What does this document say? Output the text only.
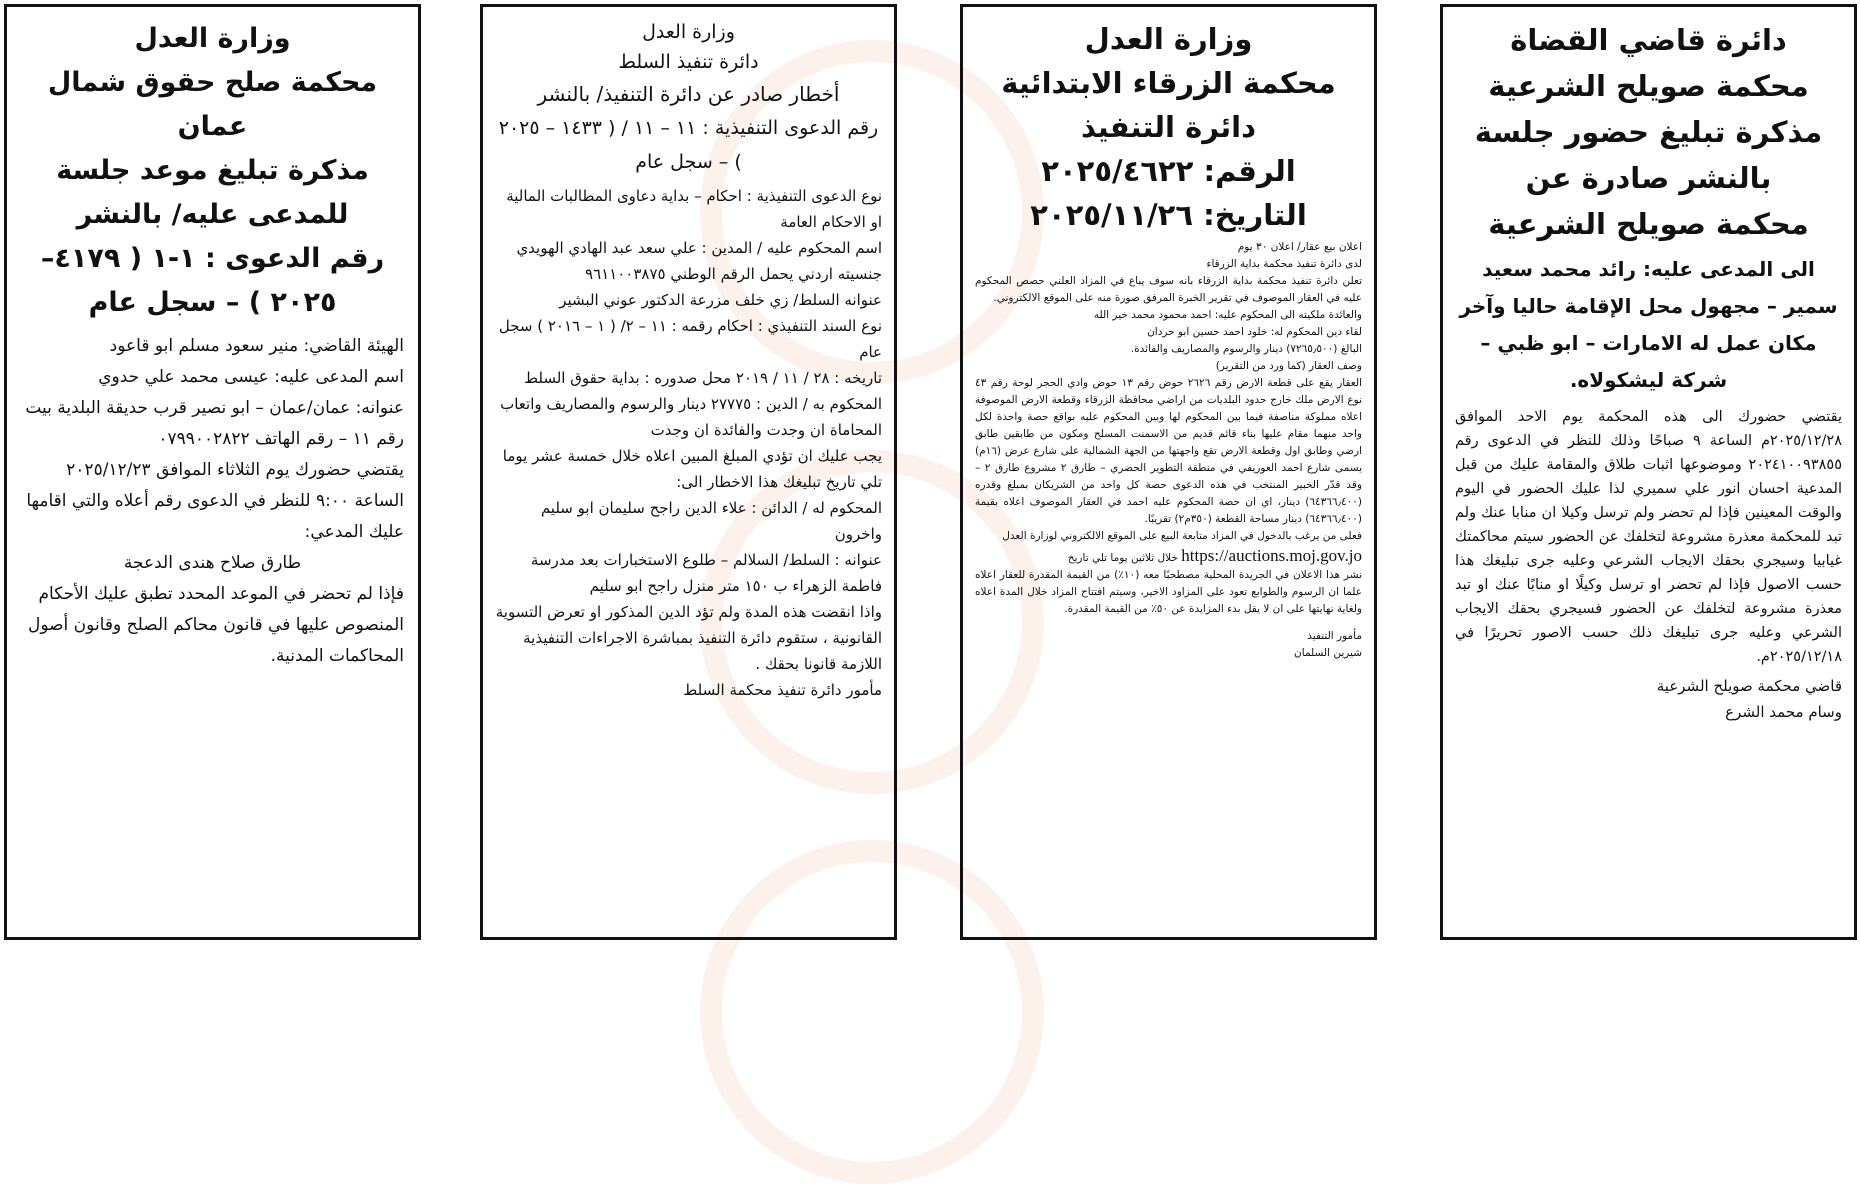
دائرة قاضي القضاة

محكمة صويلح الشرعية

مذكرة تبليغ حضور جلسة

بالنشر صادرة عن

محكمة صويلح الشرعية

الى المدعى عليه: رائد محمد سعيد سمير – مجهول محل الإقامة حاليا وآخر مكان عمل له الامارات – ابو ظبي – شركة ليشكولاه.

يقتضي حضورك الى هذه المحكمة يوم الاحد الموافق ٢٠٢٥/١٢/٢٨م الساعة ٩ صباحًا وذلك للنظر في الدعوى رقم ٢٠٢٤١٠٠٩٣٨٥٥ وموضوعها اثبات طلاق والمقامة عليك من قبل المدعية احسان انور علي سميري لذا عليك الحضور في اليوم والوقت المعينين فإذا لم تحضر ولم ترسل وكيلا ان منابا عنك ولم تبد للمحكمة معذرة مشروعة لتخلفك عن الحضور سيتم محاكمتك غيابيا وسيجري بحقك الايجاب الشرعي وعليه جرى تبليغك هذا حسب الاصول فإذا لم تحضر او ترسل وكيلًا او منابًا عنك او تبد معذرة مشروعة لتخلفك عن الحضور فسيجري بحقك الايجاب الشرعي وعليه جرى تبليغك ذلك حسب الاصور تحريرًا في ٢٠٢٥/١٢/١٨م.

قاضي محكمة صويلح الشرعية

وسام محمد الشرع

وزارة العدل

محكمة الزرقاء الابتدائية

دائرة التنفيذ

الرقم: ٢٠٢٥/٤٦٢٢

التاريخ: ٢٠٢٥/١١/٢٦

اعلان بيع عقار/ اعلان ٣٠ يوم

لدى دائرة تنفيذ محكمة بداية الزرقاء

تعلن دائرة تنفيذ محكمة بداية الزرقاء بانه سوف يباع في المزاد العلني حصص المحكوم عليه في العقار الموصوف في تقرير الخبرة المرفق صورة منه على الموقع الالكتروني.

والعائدة ملكيته الى المحكوم عليه: احمد محمود محمد خير الله

لقاء دين المحكوم له: خلود احمد حسين ابو حردان

البالغ (٧٢٦٥٫٥٠٠) دينار والرسوم والمصاريف والفائدة.

وصف العقار (كما ورد من التقرير)

العقار يقع على قطعة الارض رقم ٢٦٢٦ حوض رقم ١٣ حوض وادي الحجر لوحة رقم ٤٣ نوع الارض ملك خارج حدود البلديات من اراضي محافظة الزرقاء وقطعة الارض الموصوفة اعلاه مملوكة مناصفة فيما بين المحكوم لها وبين المحكوم عليه بواقع حصة واحدة لكل واحد منهما مقام عليها بناء قائم قديم من الاسمنت المسلح ومكون من طابقين طابق ارضي وطابق اول وقطعة الارض تقع واجهتها من الجهة الشمالية على شارع عرض (١٦م) يسمى شارع احمد العوريفي في منطقة التطوير الحضري – طارق ٢ مشروع طارق ٢ – وقد قدّر الخبير المنتخب في هذه الدعوى حصة كل واحد من الشريكان بمبلغ وقدره (٦٤٣٦٦٫٤٠٠) دينار، اي ان حصة المحكوم عليه احمد في العقار الموصوف اعلاه بقيمة (٦٤٣٦٦٫٤٠٠) دينار مساحة القطعة (٣٥٠م٢) تقريبًا.

فعلى من يرغب بالدخول في المزاد متابعة البيع على الموقع الالكتروني لوزارة العدل

https://auctions.moj.gov.jo خلال ثلاثين يوما تلي تاريخ

نشر هذا الاعلان في الجريدة المحلية مصطحبًا معه (١٠٪) من القيمة المقدرة للعقار اعلاه علما ان الرسوم والطوابع تعود على المزاود الاخير، وسيتم افتتاح المزاد خلال المدة اعلاه ولغاية نهايتها على ان لا يقل بدء المزايدة عن ٥٠٪ من القيمة المقدرة.

مأمور التنفيذ

شيرين السلمان

وزارة العدل

دائرة تنفيذ السلط

أخطار صادر عن دائرة التنفيذ/ بالنشر

رقم الدعوى التنفيذية : ١١ – ١١ / ( ١٤٣٣ – ٢٠٢٥ ) – سجل عام

نوع الدعوى التنفيذية : احكام – بداية دعاوى المطالبات المالية او الاحكام العامة

اسم المحكوم عليه / المدين : علي سعد عبد الهادي الهويدي

جنسيته اردني يحمل الرقم الوطني ٩٦١١٠٠٣٨٧٥

عنوانه السلط/ زي خلف مزرعة الدكتور عوني البشير

نوع السند التنفيذي : احكام رقمه : ١١ – ٢/ ( ١ – ٢٠١٦ ) سجل عام

تاريخه : ٢٨ / ١١ / ٢٠١٩ محل صدوره : بداية حقوق السلط

المحكوم به / الدين : ٢٧٧٧٥ دينار والرسوم والمصاريف واتعاب المحاماة ان وجدت والفائدة ان وجدت

يجب عليك ان تؤدي المبلغ المبين اعلاه خلال خمسة عشر يوما تلي تاريخ تبليغك هذا الاخطار الى:

المحكوم له / الدائن : علاء الدين راجح سليمان ابو سليم واخرون

عنوانه : السلط/ السلالم – طلوع الاستخبارات بعد مدرسة فاطمة الزهراء ب ١٥٠ متر منزل راجح ابو سليم

واذا انقضت هذه المدة ولم تؤد الدين المذكور او تعرض التسوية القانونية ، ستقوم دائرة التنفيذ بمباشرة الاجراءات التنفيذية اللازمة قانونا بحقك .

مأمور دائرة تنفيذ محكمة السلط

وزارة العدل

محكمة صلح حقوق شمال عمان

مذكرة تبليغ موعد جلسة للمدعى عليه/ بالنشر

رقم الدعوى : ١-١ ( ٤١٧٩– ٢٠٢٥ ) – سجل عام

الهيئة القاضي: منير سعود مسلم ابو قاعود

اسم المدعى عليه: عيسى محمد علي حدوي

عنوانه: عمان/عمان – ابو نصير قرب حديقة البلدية بيت رقم ١١ – رقم الهاتف ٠٧٩٩٠٠٢٨٢٢

يقتضي حضورك يوم الثلاثاء الموافق ٢٠٢٥/١٢/٢٣ الساعة ٩:٠٠ للنظر في الدعوى رقم أعلاه والتي اقامها عليك المدعي:

طارق صلاح هندى الدعجة

فإذا لم تحضر في الموعد المحدد تطبق عليك الأحكام المنصوص عليها في قانون محاكم الصلح وقانون أصول المحاكمات المدنية.
